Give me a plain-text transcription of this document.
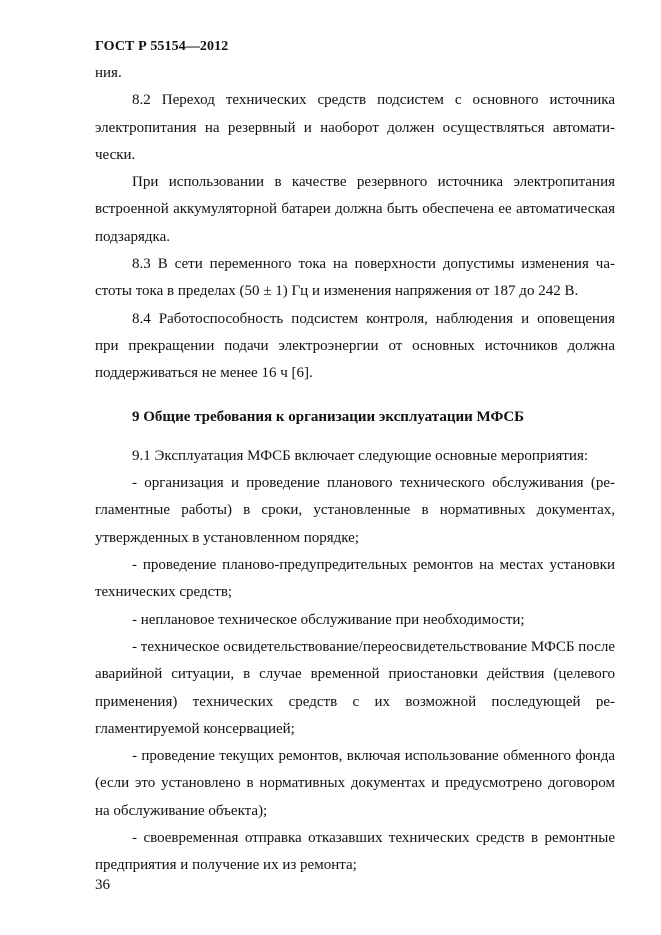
ГОСТ Р 55154—2012

ния.

8.2 Переход технических средств подсистем с основного источника электропитания на резервный и наоборот должен осуществляться автоматически.

При использовании в качестве резервного источника электропитания встроенной аккумуляторной батареи должна быть обеспечена ее автоматическая подзарядка.

8.3 В сети переменного тока на поверхности допустимы изменения частоты тока в пределах (50 ± 1) Гц и изменения напряжения от 187 до 242 В.

8.4 Работоспособность подсистем контроля, наблюдения и оповещения при прекращении подачи электроэнергии от основных источников должна поддерживаться не менее 16 ч [6].

9 Общие требования к организации эксплуатации МФСБ

9.1 Эксплуатация МФСБ включает следующие основные мероприятия:

- организация и проведение планового технического обслуживания (регламентные работы) в сроки, установленные в нормативных документах, утвержденных в установленном порядке;

- проведение планово-предупредительных ремонтов на местах установки технических средств;

- неплановое техническое обслуживание при необходимости;

- техническое освидетельствование/переосвидетельствование МФСБ после аварийной ситуации, в случае временной приостановки действия (целевого применения) технических средств с их возможной последующей регламентируемой консервацией;

- проведение текущих ремонтов, включая использование обменного фонда (если это установлено в нормативных документах и предусмотрено договором на обслуживание объекта);

- своевременная отправка отказавших технических средств в ремонтные предприятия и получение их из ремонта;

36
